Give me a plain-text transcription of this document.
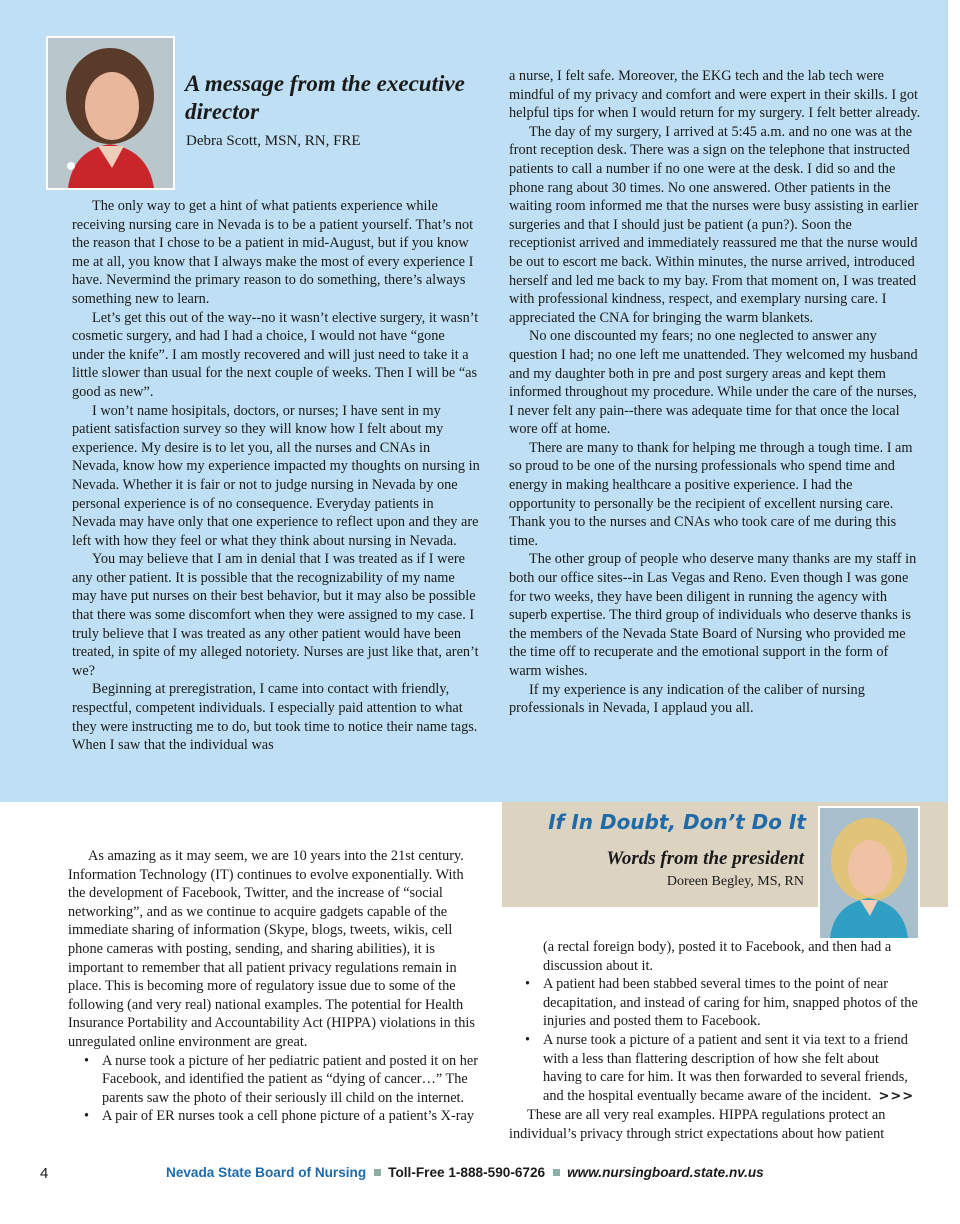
A message from the executive director
Debra Scott, MSN, RN, FRE

The only way to get a hint of what patients experience while receiving nursing care in Nevada is to be a patient yourself. That’s not the reason that I chose to be a patient in mid-August, but if you know me at all, you know that I always make the most of every experience I have. Nevermind the primary reason to do something, there’s always something new to learn.

Let’s get this out of the way--no it wasn’t elective surgery, it wasn’t cosmetic surgery, and had I had a choice, I would not have “gone under the knife”. I am mostly recovered and will just need to take it a little slower than usual for the next couple of weeks. Then I will be “as good as new”.

I won’t name hosipitals, doctors, or nurses; I have sent in my patient satisfaction survey so they will know how I felt about my experience. My desire is to let you, all the nurses and CNAs in Nevada, know how my experience impacted my thoughts on nursing in Nevada. Whether it is fair or not to judge nursing in Nevada by one personal experience is of no consequence. Everyday patients in Nevada may have only that one experience to reflect upon and they are left with how they feel or what they think about nursing in Nevada.

You may believe that I am in denial that I was treated as if I were any other patient. It is possible that the recognizability of my name may have put nurses on their best behavior, but it may also be possible that there was some discomfort when they were assigned to my case. I truly believe that I was treated as any other patient would have been treated, in spite of my alleged notoriety. Nurses are just like that, aren’t we?

Beginning at preregistration, I came into contact with friendly, respectful, competent individuals. I especially paid attention to what they were instructing me to do, but took time to notice their name tags. When I saw that the individual was

a nurse, I felt safe. Moreover, the EKG tech and the lab tech were mindful of my privacy and comfort and were expert in their skills. I got helpful tips for when I would return for my surgery. I felt better already.

The day of my surgery, I arrived at 5:45 a.m. and no one was at the front reception desk. There was a sign on the telephone that instructed patients to call a number if no one were at the desk. I did so and the phone rang about 30 times. No one answered. Other patients in the waiting room informed me that the nurses were busy assisting in earlier surgeries and that I should just be patient (a pun?). Soon the receptionist arrived and immediately reassured me that the nurse would be out to escort me back. Within minutes, the nurse arrived, introduced herself and led me back to my bay. From that moment on, I was treated with professional kindness, respect, and exemplary nursing care. I appreciated the CNA for bringing the warm blankets.

No one discounted my fears; no one neglected to answer any question I had; no one left me unattended. They welcomed my husband and my daughter both in pre and post surgery areas and kept them informed throughout my procedure. While under the care of the nurses, I never felt any pain--there was adequate time for that once the local wore off at home.

There are many to thank for helping me through a tough time. I am so proud to be one of the nursing professionals who spend time and energy in making healthcare a positive experience. I had the opportunity to personally be the recipient of excellent nursing care. Thank you to the nurses and CNAs who took care of me during this time.

The other group of people who deserve many thanks are my staff in both our office sites--in Las Vegas and Reno. Even though I was gone for two weeks, they have been diligent in running the agency with superb expertise. The third group of individuals who deserve thanks is the members of the Nevada State Board of Nursing who provided me the time off to recuperate and the emotional support in the form of warm wishes.

If my experience is any indication of the caliber of nursing professionals in Nevada, I applaud you all.

If In Doubt, Don’t Do It
Words from the president
Doreen Begley, MS, RN

As amazing as it may seem, we are 10 years into the 21st century. Information Technology (IT) continues to evolve exponentially. With the development of Facebook, Twitter, and the increase of “social networking”, and as we continue to acquire gadgets capable of the immediate sharing of information (Skype, blogs, tweets, wikis, cell phone cameras with posting, sending, and sharing abilities), it is important to remember that all patient privacy regulations remain in place. This is becoming more of regulatory issue due to some of the following (and very real) national examples. The potential for Health Insurance Portability and Accountability Act (HIPPA) violations in this unregulated online environment are great.

• A nurse took a picture of her pediatric patient and posted it on her Facebook, and identified the patient as “dying of cancer…” The parents saw the photo of their seriously ill child on the internet.
• A pair of ER nurses took a cell phone picture of a patient’s X-ray
(a rectal foreign body), posted it to Facebook, and then had a discussion about it.
• A patient had been stabbed several times to the point of near decapitation, and instead of caring for him, snapped photos of the injuries and posted them to Facebook.
• A nurse took a picture of a patient and sent it via text to a friend with a less than flattering description of how she felt about having to care for him. It was then forwarded to several friends, and the hospital eventually became aware of the incident. >>>

These are all very real examples. HIPPA regulations protect an individual’s privacy through strict expectations about how patient

4	Nevada State Board of Nursing Toll-Free 1-888-590-6726 www.nursingboard.state.nv.us
